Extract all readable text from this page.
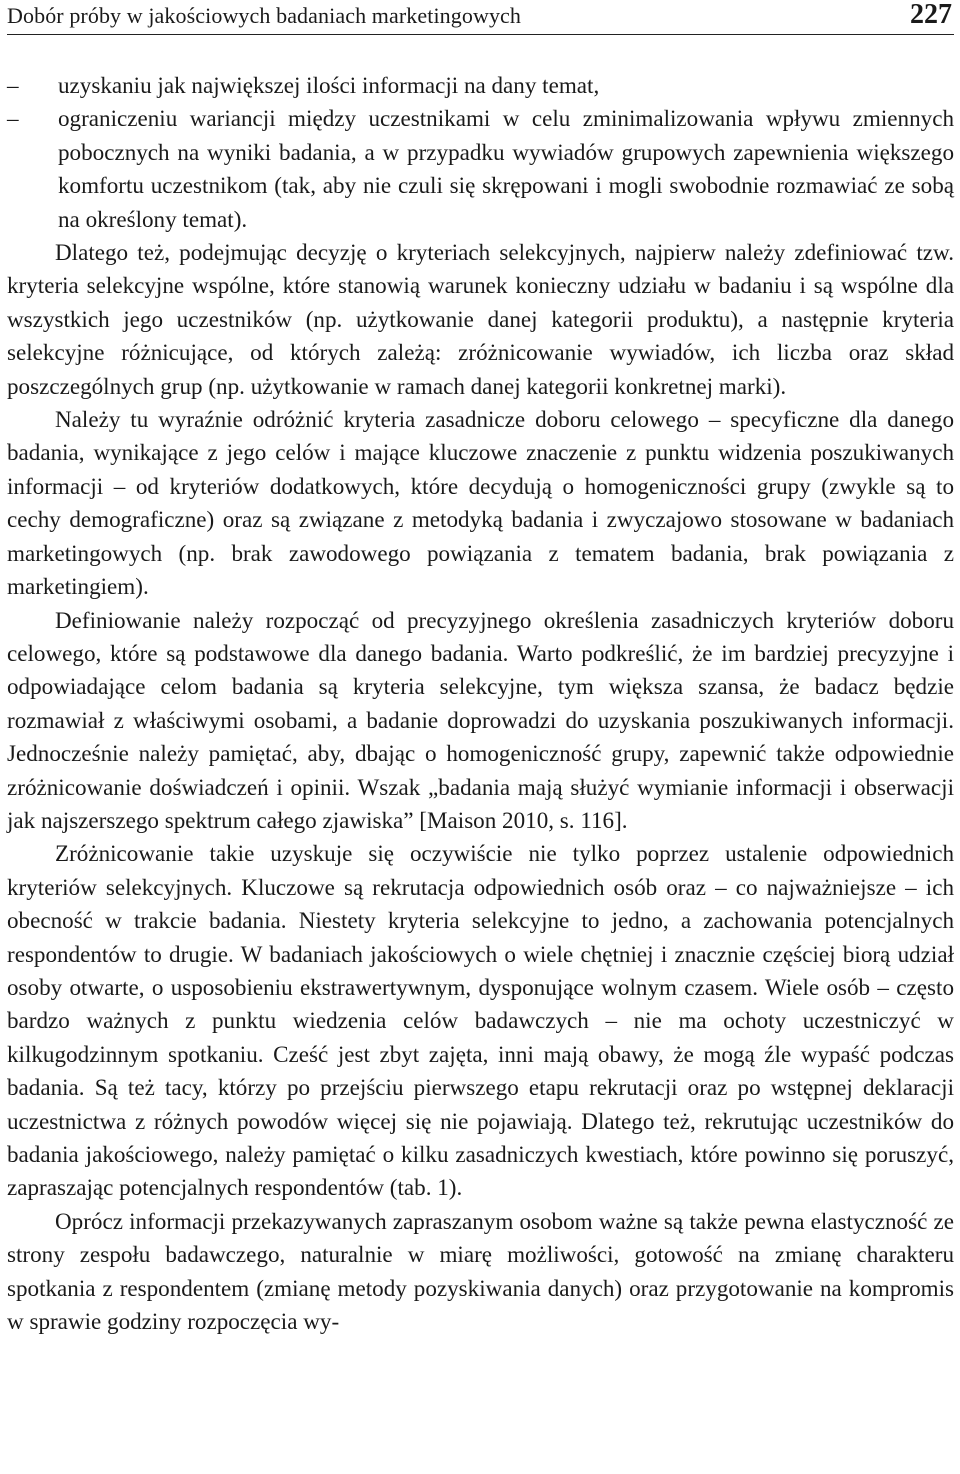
Dobór próby w jakościowych badaniach marketingowych	227
–	uzyskaniu jak największej ilości informacji na dany temat,
–	ograniczeniu wariancji między uczestnikami w celu zminimalizowania wpływu zmiennych pobocznych na wyniki badania, a w przypadku wywiadów grupowych zapewnienia większego komfortu uczestnikom (tak, aby nie czuli się skrępowani i mogli swobodnie rozmawiać ze sobą na określony temat).

Dlatego też, podejmując decyzję o kryteriach selekcyjnych, najpierw należy zdefiniować tzw. kryteria selekcyjne wspólne, które stanowią warunek konieczny udziału w badaniu i są wspólne dla wszystkich jego uczestników (np. użytkowanie danej kategorii produktu), a następnie kryteria selekcyjne różnicujące, od których zależą: zróżnicowanie wywiadów, ich liczba oraz skład poszczególnych grup (np. użytkowanie w ramach danej kategorii konkretnej marki).

Należy tu wyraźnie odróżnić kryteria zasadnicze doboru celowego – specyficzne dla danego badania, wynikające z jego celów i mające kluczowe znaczenie z punktu widzenia poszukiwanych informacji – od kryteriów dodatkowych, które decydują o homogeniczności grupy (zwykle są to cechy demograficzne) oraz są związane z metodyką badania i zwyczajowo stosowane w badaniach marketingowych (np. brak zawodowego powiązania z tematem badania, brak powiązania z marketingiem).

Definiowanie należy rozpocząć od precyzyjnego określenia zasadniczych kryteriów doboru celowego, które są podstawowe dla danego badania. Warto podkreślić, że im bardziej precyzyjne i odpowiadające celom badania są kryteria selekcyjne, tym większa szansa, że badacz będzie rozmawiał z właściwymi osobami, a badanie doprowadzi do uzyskania poszukiwanych informacji. Jednocześnie należy pamiętać, aby, dbając o homogeniczność grupy, zapewnić także odpowiednie zróżnicowanie doświadczeń i opinii. Wszak „badania mają służyć wymianie informacji i obserwacji jak najszerszego spektrum całego zjawiska” [Maison 2010, s. 116].

Zróżnicowanie takie uzyskuje się oczywiście nie tylko poprzez ustalenie odpowiednich kryteriów selekcyjnych. Kluczowe są rekrutacja odpowiednich osób oraz – co najważniejsze – ich obecność w trakcie badania. Niestety kryteria selekcyjne to jedno, a zachowania potencjalnych respondentów to drugie. W badaniach jakościowych o wiele chętniej i znacznie częściej biorą udział osoby otwarte, o usposobieniu ekstrawertywnym, dysponujące wolnym czasem. Wiele osób – często bardzo ważnych z punktu wiedzenia celów badawczych – nie ma ochoty uczestniczyć w kilkugodzinnym spotkaniu. Cześć jest zbyt zajęta, inni mają obawy, że mogą źle wypaść podczas badania. Są też tacy, którzy po przejściu pierwszego etapu rekrutacji oraz po wstępnej deklaracji uczestnictwa z różnych powodów więcej się nie pojawiają. Dlatego też, rekrutując uczestników do badania jakościowego, należy pamiętać o kilku zasadniczych kwestiach, które powinno się poruszyć, zapraszając potencjalnych respondentów (tab. 1).

Oprócz informacji przekazywanych zapraszanym osobom ważne są także pewna elastyczność ze strony zespołu badawczego, naturalnie w miarę możliwości, gotowość na zmianę charakteru spotkania z respondentem (zmianę metody pozyskiwania danych) oraz przygotowanie na kompromis w sprawie godziny rozpoczęcia wy-
